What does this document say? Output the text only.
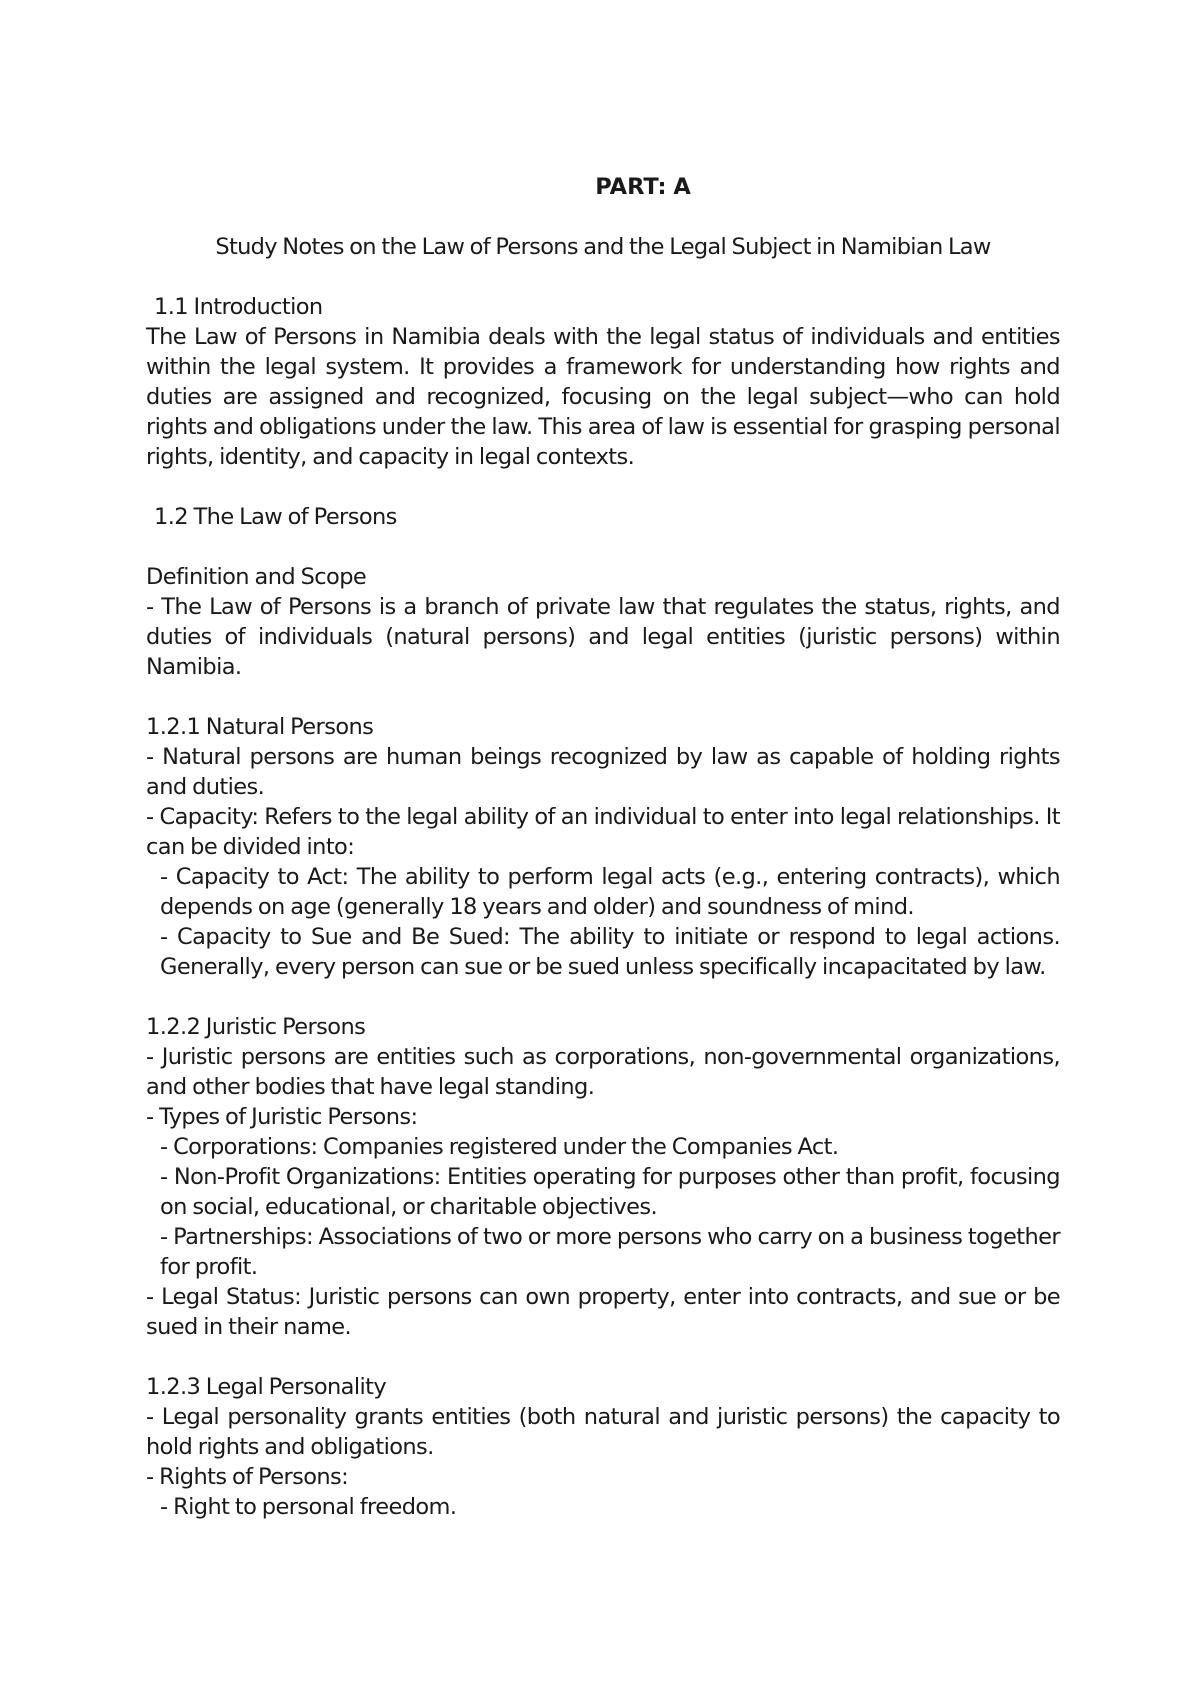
PART: A
Study Notes on the Law of Persons and the Legal Subject in Namibian Law
1.1 Introduction

The Law of Persons in Namibia deals with the legal status of individuals and entities within the legal system. It provides a framework for understanding how rights and duties are assigned and recognized, focusing on the legal subject—who can hold rights and obligations under the law. This area of law is essential for grasping personal rights, identity, and capacity in legal contexts.

1.2 The Law of Persons
Definition and Scope

- The Law of Persons is a branch of private law that regulates the status, rights, and duties of individuals (natural persons) and legal entities (juristic persons) within Namibia.

1.2.1 Natural Persons

- Natural persons are human beings recognized by law as capable of holding rights and duties.

- Capacity: Refers to the legal ability of an individual to enter into legal relationships. It can be divided into:

- Capacity to Act: The ability to perform legal acts (e.g., entering contracts), which depends on age (generally 18 years and older) and soundness of mind.

- Capacity to Sue and Be Sued: The ability to initiate or respond to legal actions. Generally, every person can sue or be sued unless specifically incapacitated by law.

1.2.2 Juristic Persons

- Juristic persons are entities such as corporations, non-governmental organizations, and other bodies that have legal standing.

- Types of Juristic Persons:

- Corporations: Companies registered under the Companies Act.

- Non-Profit Organizations: Entities operating for purposes other than profit, focusing on social, educational, or charitable objectives.

- Partnerships: Associations of two or more persons who carry on a business together for profit.

- Legal Status: Juristic persons can own property, enter into contracts, and sue or be sued in their name.

1.2.3 Legal Personality

- Legal personality grants entities (both natural and juristic persons) the capacity to hold rights and obligations.

- Rights of Persons:

- Right to personal freedom.
